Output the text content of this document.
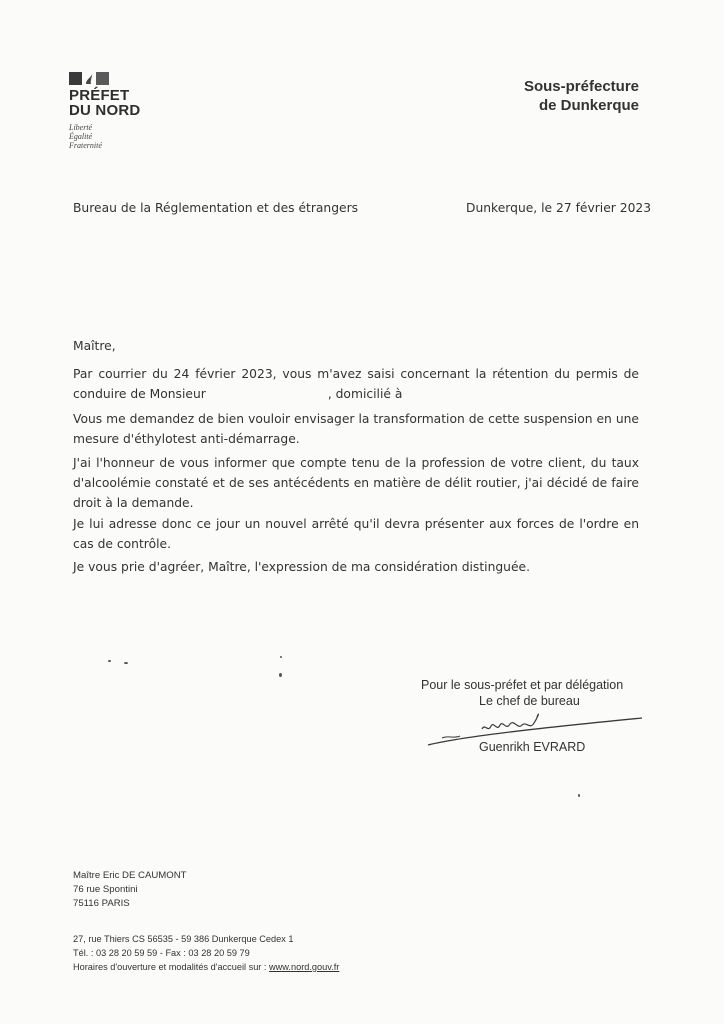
PRÉFET
DU NORD
Liberté
Égalité
Fraternité
Sous-préfecture
de Dunkerque
Bureau de la Réglementation et des étrangers	Dunkerque, le 27 février 2023
Maître,
Par courrier du 24 février 2023, vous m'avez saisi concernant la rétention du permis de conduire de Monsieur	, domicilié à
Vous me demandez de bien vouloir envisager la transformation de cette suspension en une mesure d'éthylotest anti-démarrage.
J'ai l'honneur de vous informer que compte tenu de la profession de votre client, du taux d'alcoolémie constaté et de ses antécédents en matière de délit routier, j'ai décidé de faire droit à la demande.
Je lui adresse donc ce jour un nouvel arrêté qu'il devra présenter aux forces de l'ordre en cas de contrôle.
Je vous prie d'agréer, Maître, l'expression de ma considération distinguée.
Pour le sous-préfet et par délégation
Le chef de bureau
Guenrikh EVRARD
Maître Eric DE CAUMONT
76 rue Spontini
75116 PARIS
27, rue Thiers CS 56535 - 59 386 Dunkerque Cedex 1
Tél. : 03 28 20 59 59 - Fax : 03 28 20 59 79
Horaires d'ouverture et modalités d'accueil sur : www.nord.gouv.fr
